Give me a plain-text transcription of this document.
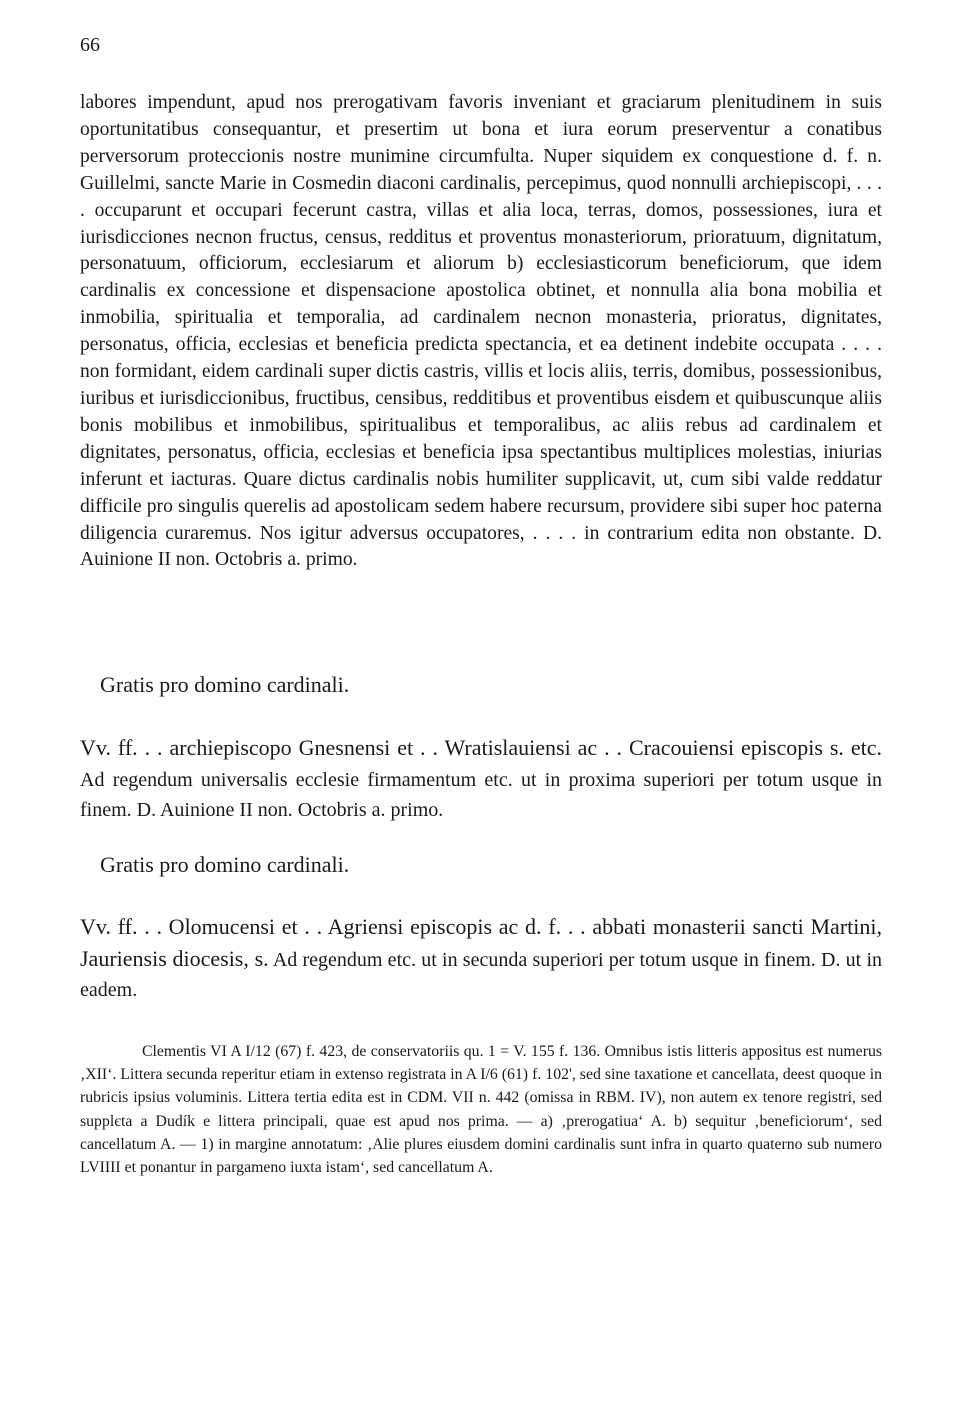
66

labores impendunt, apud nos prerogativam favoris inveniant et graciarum plenitudinem in suis oportunitatibus consequantur, et presertim ut bona et iura eorum preserventur a conatibus perversorum proteccionis nostre munimine circumfulta. Nuper siquidem ex conquestione d. f. n. Guillelmi, sancte Marie in Cosmedin diaconi cardinalis, percepimus, quod nonnulli archiepiscopi, . . . . occuparunt et occupari fecerunt castra, villas et alia loca, terras, domos, possessiones, iura et iurisdicciones necnon fructus, census, redditus et proventus monasteriorum, prioratuum, dignitatum, personatuum, officiorum, ecclesiarum et aliorum b) ecclesiasticorum beneficiorum, que idem cardinalis ex concessione et dispensacione apostolica obtinet, et nonnulla alia bona mobilia et inmobilia, spiritualia et temporalia, ad cardinalem necnon monasteria, prioratus, dignitates, personatus, officia, ecclesias et beneficia predicta spectancia, et ea detinent indebite occupata . . . . non formidant, eidem cardinali super dictis castris, villis et locis aliis, terris, domibus, possessionibus, iuribus et iurisdiccionibus, fructibus, censibus, redditibus et proventibus eisdem et quibuscunque aliis bonis mobilibus et inmobilibus, spiritualibus et temporalibus, ac aliis rebus ad cardinalem et dignitates, personatus, officia, ecclesias et beneficia ipsa spectantibus multiplices molestias, iniurias inferunt et iacturas. Quare dictus cardinalis nobis humiliter supplicavit, ut, cum sibi valde reddatur difficile pro singulis querelis ad apostolicam sedem habere recursum, providere sibi super hoc paterna diligencia curaremus. Nos igitur adversus occupatores, . . . . in contrarium edita non obstante. D. Auinione II non. Octobris a. primo.

Gratis pro domino cardinali.

Vv. ff. . . archiepiscopo Gnesnensi et . . Wratislauiensi ac . . Cracouiensi episcopis s. etc. Ad regendum universalis ecclesie firmamentum etc. ut in proxima superiori per totum usque in finem. D. Auinione II non. Octobris a. primo.

Gratis pro domino cardinali.

Vv. ff. . . Olomucensi et . . Agriensi episcopis ac d. f. . . abbati monasterii sancti Martini, Jauriensis diocesis, s. Ad regendum etc. ut in secunda superiori per totum usque in finem. D. ut in eadem.

Clementis VI A I/12 (67) f. 423, de conservatoriis qu. 1 = V. 155 f. 136. Omnibus istis litteris appositus est numerus ‚XII‘. Littera secunda reperitur etiam in extenso registrata in A I/6 (61) f. 102', sed sine taxatione et cancellata, deest quoque in rubricis ipsius voluminis. Littera tertia edita est in CDM. VII n. 442 (omissa in RBM. IV), non autem ex tenore registri, sed supplєta a Dudík e littera principali, quae est apud nos prima. — a) ‚prerogatiua‘ A. b) sequitur ‚beneficiorum‘, sed cancellatum A. — 1) in margine annotatum: ‚Alie plures eiusdem domini cardinalis sunt infra in quarto quaterno sub numero LVIIII et ponantur in pargameno iuxta istam‘, sed cancellatum A.
